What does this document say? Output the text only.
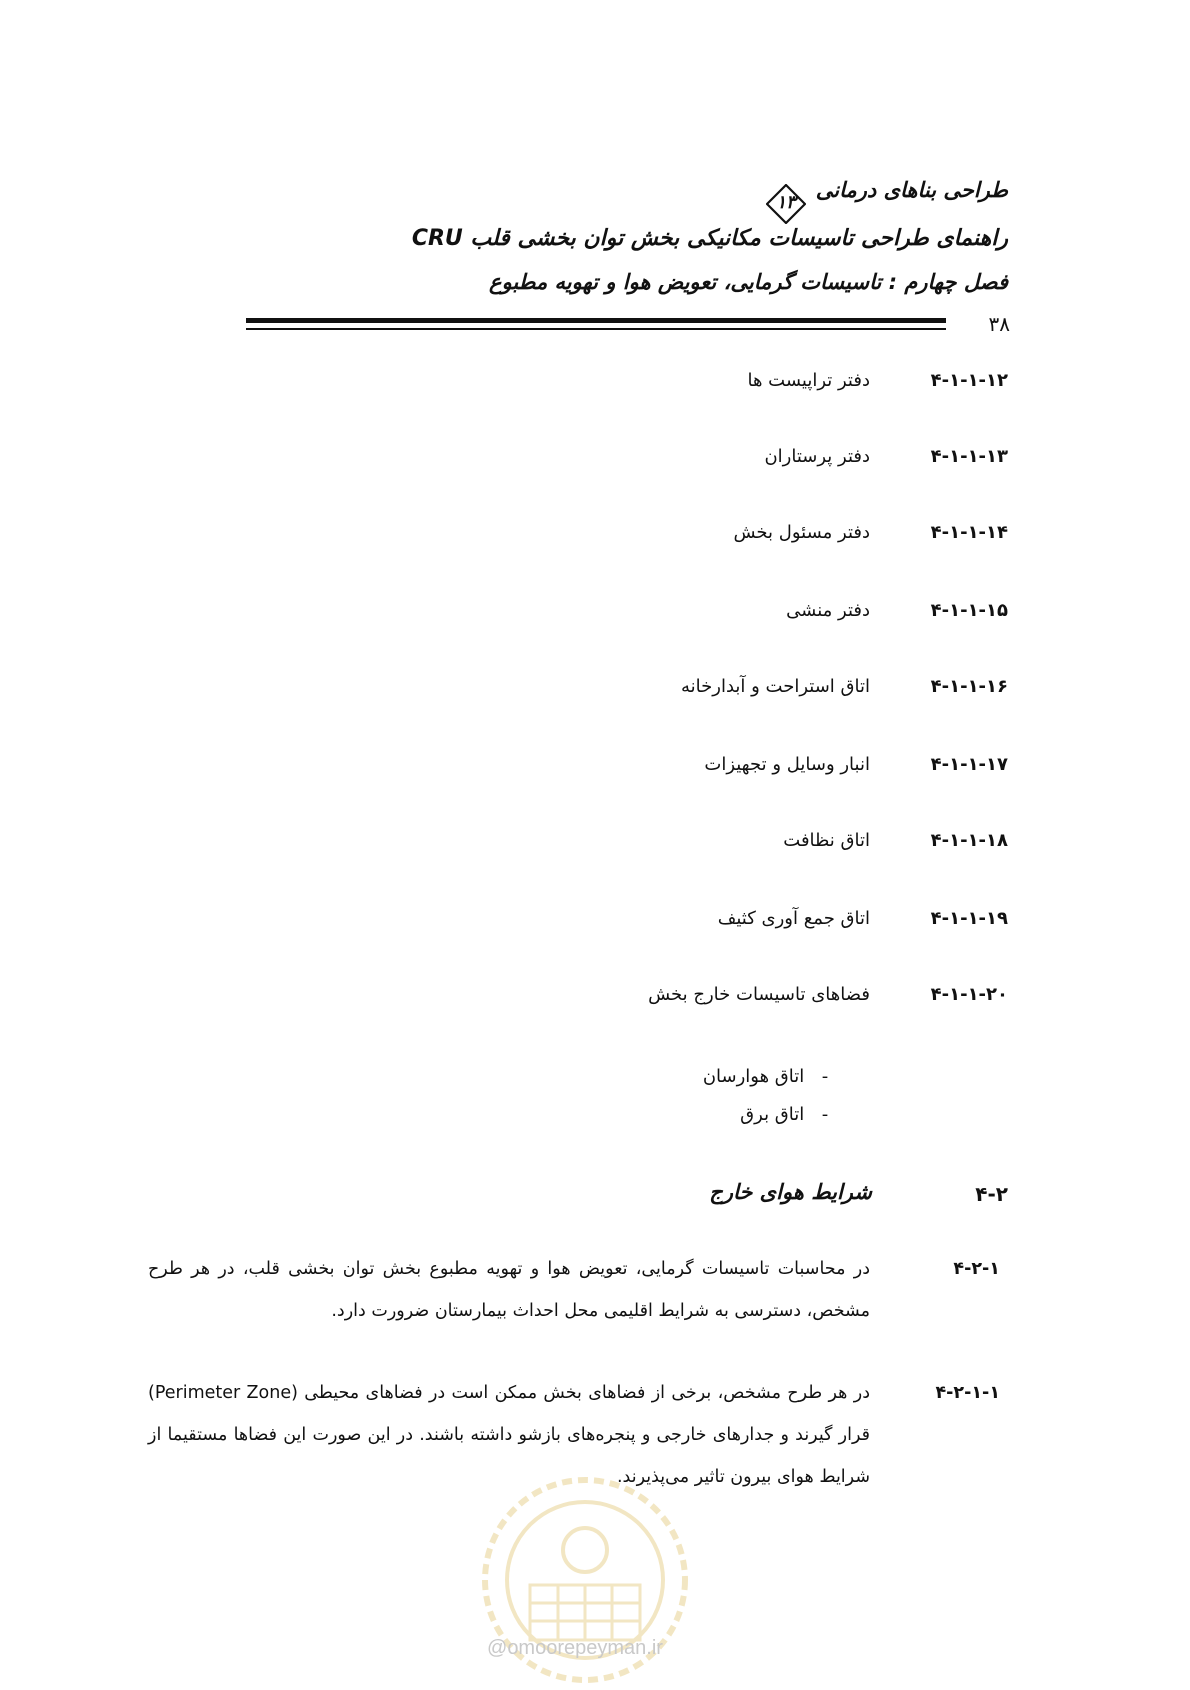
طراحی بناهای درمانی
۱۳
راهنمای طراحی تاسیسات مکانیکی بخش توان بخشی قلب CRU
فصل چهارم : تاسیسات گرمایی، تعویض هوا و تهویه مطبوع
۳۸
۴-۱-۱-۱۲
دفتر تراپیست ها
۴-۱-۱-۱۳
دفتر پرستاران
۴-۱-۱-۱۴
دفتر مسئول بخش
۴-۱-۱-۱۵
دفتر منشی
۴-۱-۱-۱۶
اتاق استراحت و آبدارخانه
۴-۱-۱-۱۷
انبار وسایل و تجهیزات
۴-۱-۱-۱۸
اتاق نظافت
۴-۱-۱-۱۹
اتاق جمع آوری کثیف
۴-۱-۱-۲۰
فضاهای تاسیسات خارج بخش
- اتاق هوارسان
- اتاق برق
۴-۲
شرایط هوای خارج
۴-۲-۱
در محاسبات تاسیسات گرمایی، تعویض هوا و تهویه مطبوع بخش توان بخشی قلب، در هر طرح مشخص، دسترسی به شرایط اقلیمی محل احداث بیمارستان ضرورت دارد.
۴-۲-۱-۱
در هر طرح مشخص، برخی از فضاهای بخش ممکن است در فضاهای محیطی (Perimeter Zone) قرار گیرند و جدارهای خارجی و پنجره‌های بازشو داشته باشند. در این صورت این فضاها مستقیما از شرایط هوای بیرون تاثیر می‌پذیرند.
@omoorepeyman.ir
